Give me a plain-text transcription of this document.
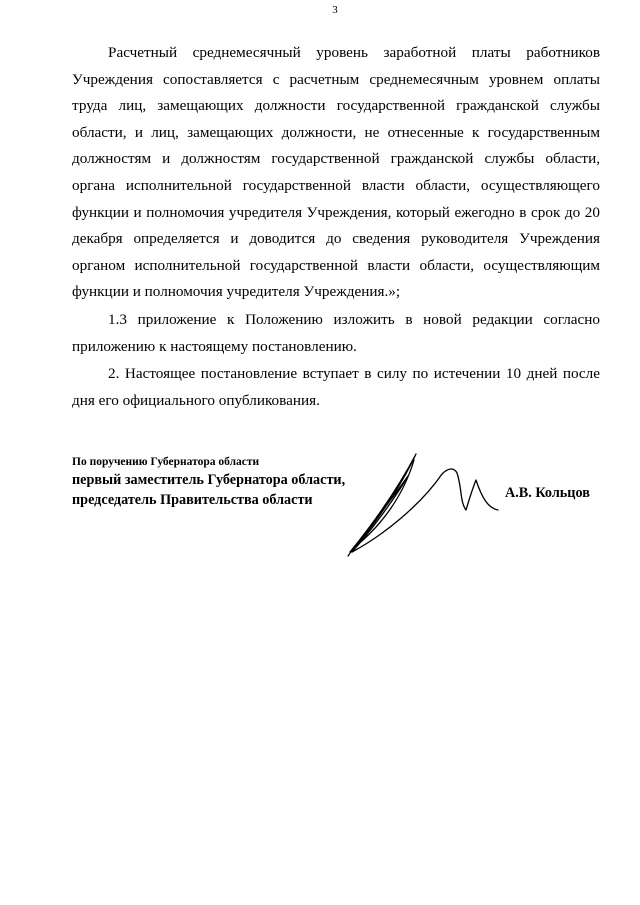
3

Расчетный среднемесячный уровень заработной платы работников Учреждения сопоставляется с расчетным среднемесячным уровнем оплаты труда лиц, замещающих должности государственной гражданской службы области, и лиц, замещающих должности, не отнесенные к государственным должностям и должностям государственной гражданской службы области, органа исполнительной государственной власти области, осуществляющего функции и полномочия учредителя Учреждения, который ежегодно в срок до 20 декабря определяется и доводится до сведения руководителя Учреждения органом исполнительной государственной власти области, осуществляющим функции и полномочия учредителя Учреждения.»;

1.3 приложение к Положению изложить в новой редакции согласно приложению к настоящему постановлению.

2. Настоящее постановление вступает в силу по истечении 10 дней после дня его официального опубликования.

По поручению Губернатора области
первый заместитель Губернатора области,
председатель Правительства области	А.В. Кольцов
